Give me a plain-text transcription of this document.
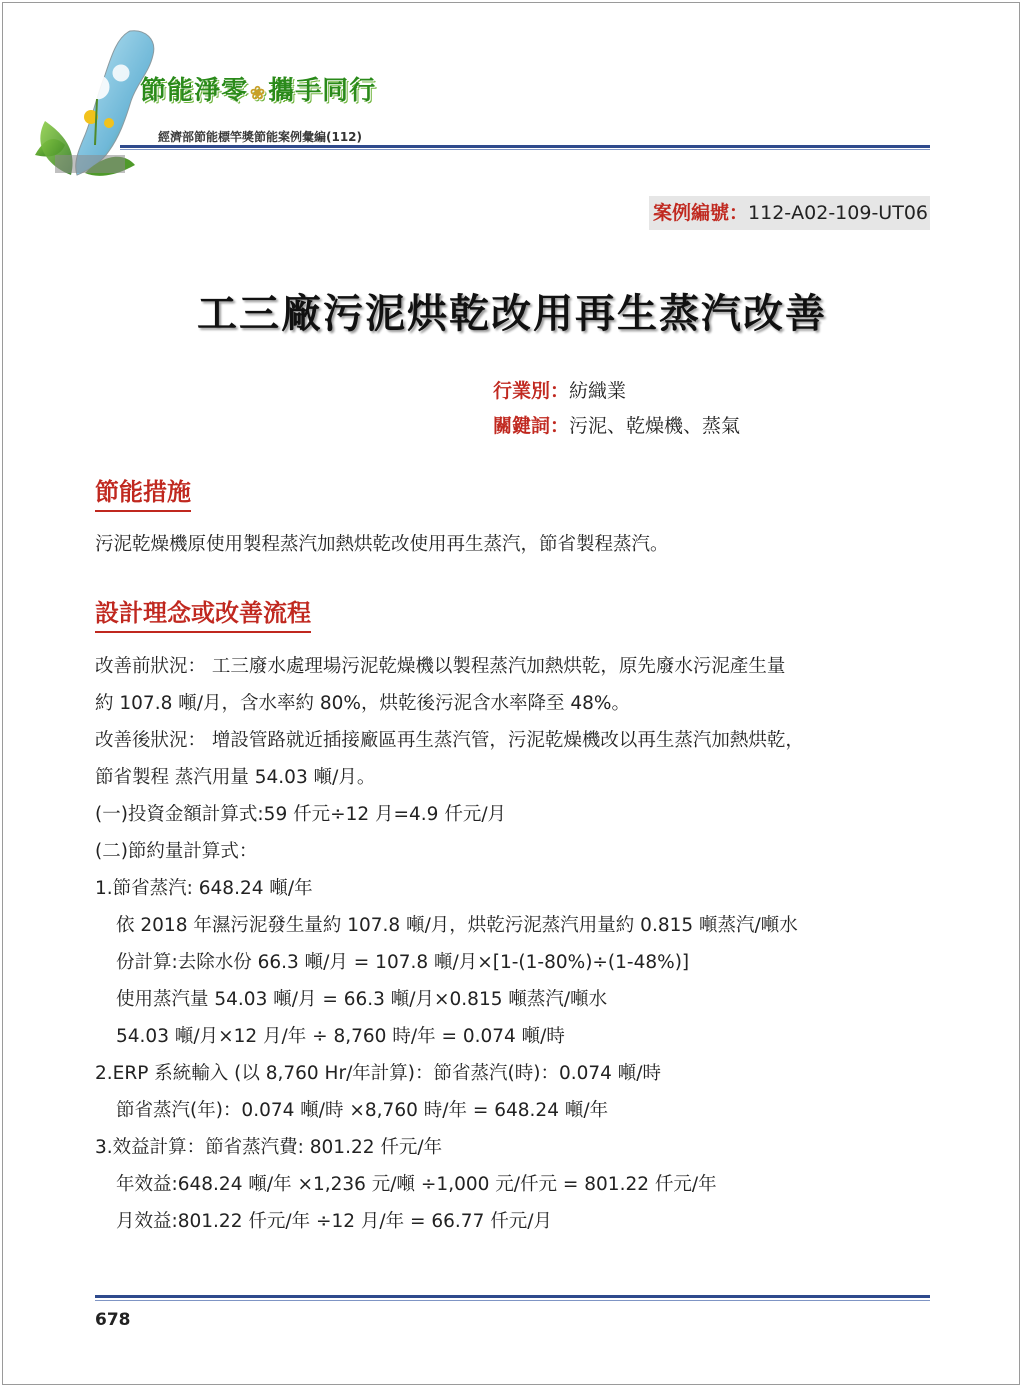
節能淨零 ❀攜手同行
經濟部節能標竿獎節能案例彙編(112)
案例編號：112-A02-109-UT06
工三廠污泥烘乾改用再生蒸汽改善
行業別：紡織業
關鍵詞：污泥、乾燥機、蒸氣
節能措施
污泥乾燥機原使用製程蒸汽加熱烘乾改使用再生蒸汽，節省製程蒸汽。
設計理念或改善流程
改善前狀況： 工三廢水處理場污泥乾燥機以製程蒸汽加熱烘乾，原先廢水污泥產生量
約 107.8 噸/月，含水率約 80%，烘乾後污泥含水率降至 48%。
改善後狀況： 增設管路就近插接廠區再生蒸汽管，污泥乾燥機改以再生蒸汽加熱烘乾，
節省製程 蒸汽用量 54.03 噸/月。
(一)投資金額計算式:59 仟元÷12 月=4.9 仟元/月
(二)節約量計算式：
1.節省蒸汽: 648.24 噸/年
依 2018 年濕污泥發生量約 107.8 噸/月，烘乾污泥蒸汽用量約 0.815 噸蒸汽/噸水
份計算:去除水份 66.3 噸/月 = 107.8 噸/月×[1-(1-80%)÷(1-48%)]
使用蒸汽量 54.03 噸/月 = 66.3 噸/月×0.815 噸蒸汽/噸水
54.03 噸/月×12 月/年 ÷ 8,760 時/年 = 0.074 噸/時
2.ERP 系統輸入 (以 8,760 Hr/年計算)：節省蒸汽(時)：0.074 噸/時
節省蒸汽(年)：0.074 噸/時 ×8,760 時/年 = 648.24 噸/年
3.效益計算：節省蒸汽費: 801.22 仟元/年
年效益:648.24 噸/年 ×1,236 元/噸 ÷1,000 元/仟元 = 801.22 仟元/年
月效益:801.22 仟元/年 ÷12 月/年 = 66.77 仟元/月
678
